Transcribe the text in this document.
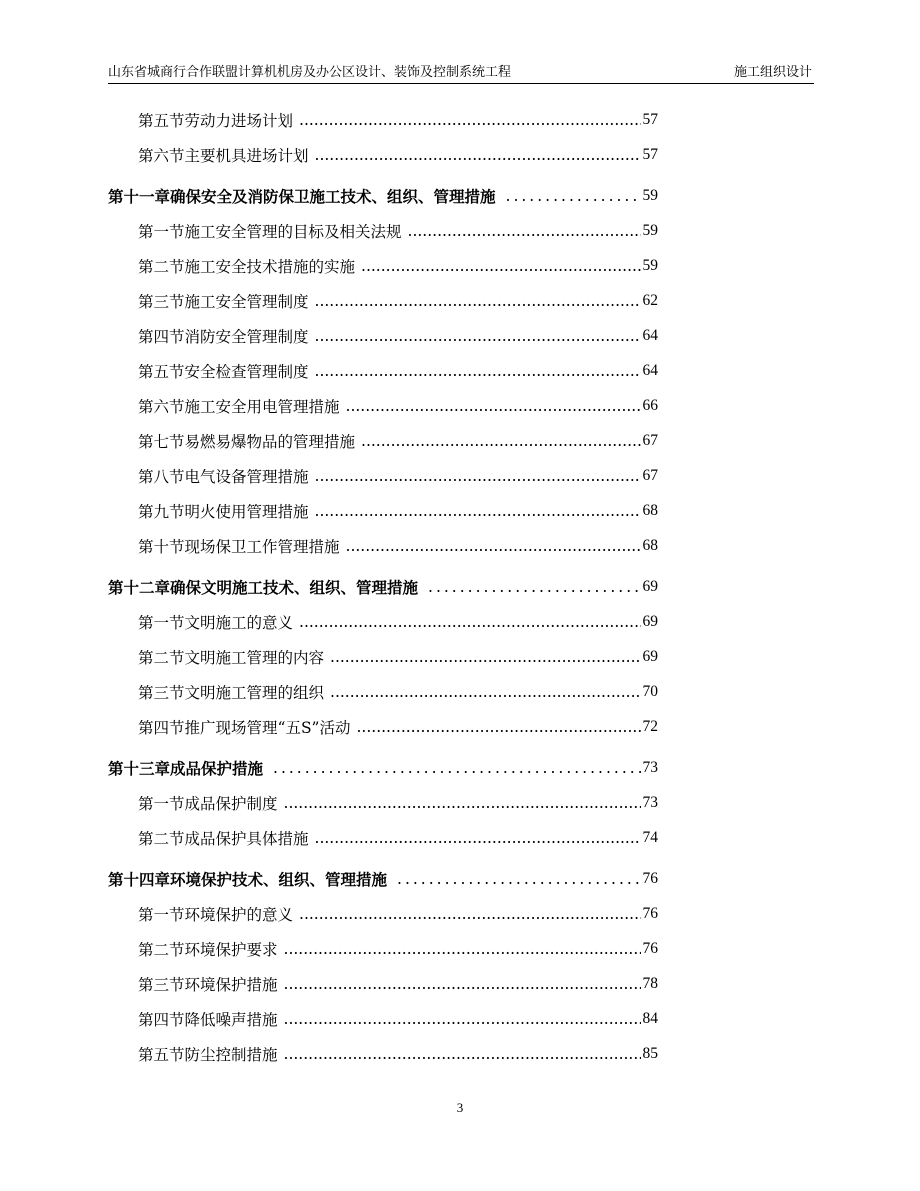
山东省城商行合作联盟计算机机房及办公区设计、装饰及控制系统工程	施工组织设计
第五节 劳动力进场计划 .....	57
第六节 主要机具进场计划 .....	57
第十一章 确保安全及消防保卫施工技术、组织、管理措施 .....	59
第一节 施工安全管理的目标及相关法规 .....	59
第二节 施工安全技术措施的实施 .....	59
第三节 施工安全管理制度 .....	62
第四节 消防安全管理制度 .....	64
第五节 安全检查管理制度 .....	64
第六节 施工安全用电管理措施 .....	66
第七节 易燃易爆物品的管理措施 .....	67
第八节 电气设备管理措施 .....	67
第九节 明火使用管理措施 .....	68
第十节 现场保卫工作管理措施 .....	68
第十二章 确保文明施工技术、组织、管理措施 .....	69
第一节 文明施工的意义 .....	69
第二节 文明施工管理的内容 .....	69
第三节 文明施工管理的组织 .....	70
第四节 推广现场管理“五S”活动 .....	72
第十三章 成品保护措施 .....	73
第一节 成品保护制度 .....	73
第二节 成品保护具体措施 .....	74
第十四章 环境保护技术、组织、管理措施 .....	76
第一节 环境保护的意义 .....	76
第二节 环境保护要求 .....	76
第三节 环境保护措施 .....	78
第四节 降低噪声措施 .....	84
第五节 防尘控制措施 .....	85
3
